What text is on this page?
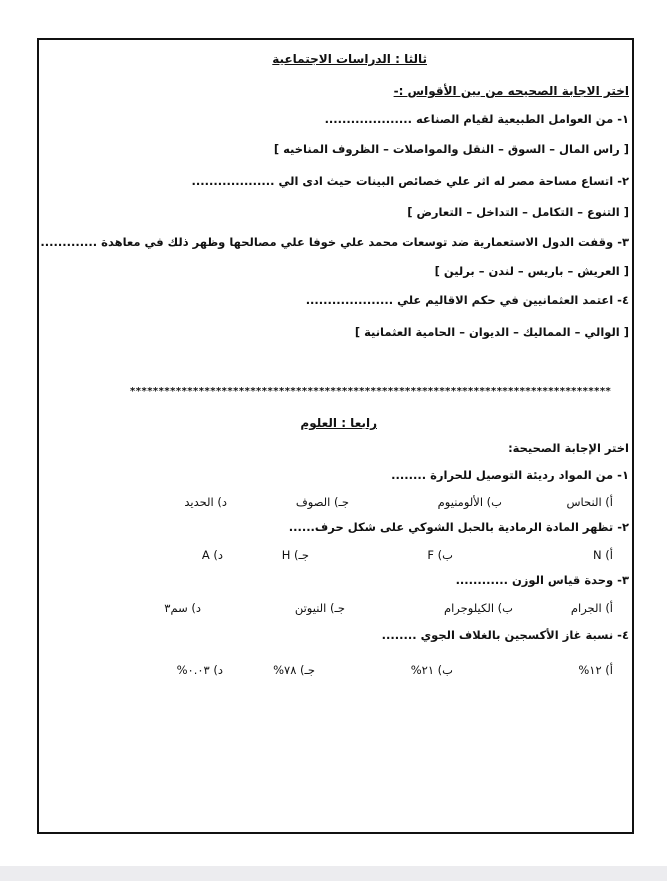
ثالثا : الدراسات الاجتماعية
اختر الاجابة الصحيحه من بين الأقواس :-
١- من العوامل الطبيعية لقيام الصناعه ....................
[ راس المال – السوق – النقل والمواصلات – الظروف المناخيه ]
٢- اتساع مساحة مصر له اثر علي خصائص البينات حيث ادى الي ...................
[ التنوع – التكامل – التداخل – التعارض ]
٣- وقفت الدول الاستعمارية ضد توسعات محمد علي خوفا علي مصالحها وظهر ذلك في معاهدة .............
[ العريش – باريس – لندن – برلين ]
٤- اعتمد العثمانيين في حكم الاقاليم علي ....................
[ الوالي – المماليك – الديوان – الحامية العثمانية ]
************************************************************************************
رابعا : العلوم
اختر الإجابة الصحيحة:
١- من المواد رديئة التوصيل للحرارة ........
أ) النحاس
ب) الألومنيوم
جـ) الصوف
د) الحديد
٢- تظهر المادة الرمادية بالحبل الشوكي على شكل حرف......
أ) N
ب) F
جـ) H
د) A
٣- وحدة قياس الوزن ............
أ) الجرام
ب) الكيلوجرام
جـ) النيوتن
د) سم٣
٤- نسبة غاز الأكسجين بالغلاف الجوي ........
أ) ١٢%
ب) ٢١%
جـ) ٧٨%
د) ٠.٠٣%
